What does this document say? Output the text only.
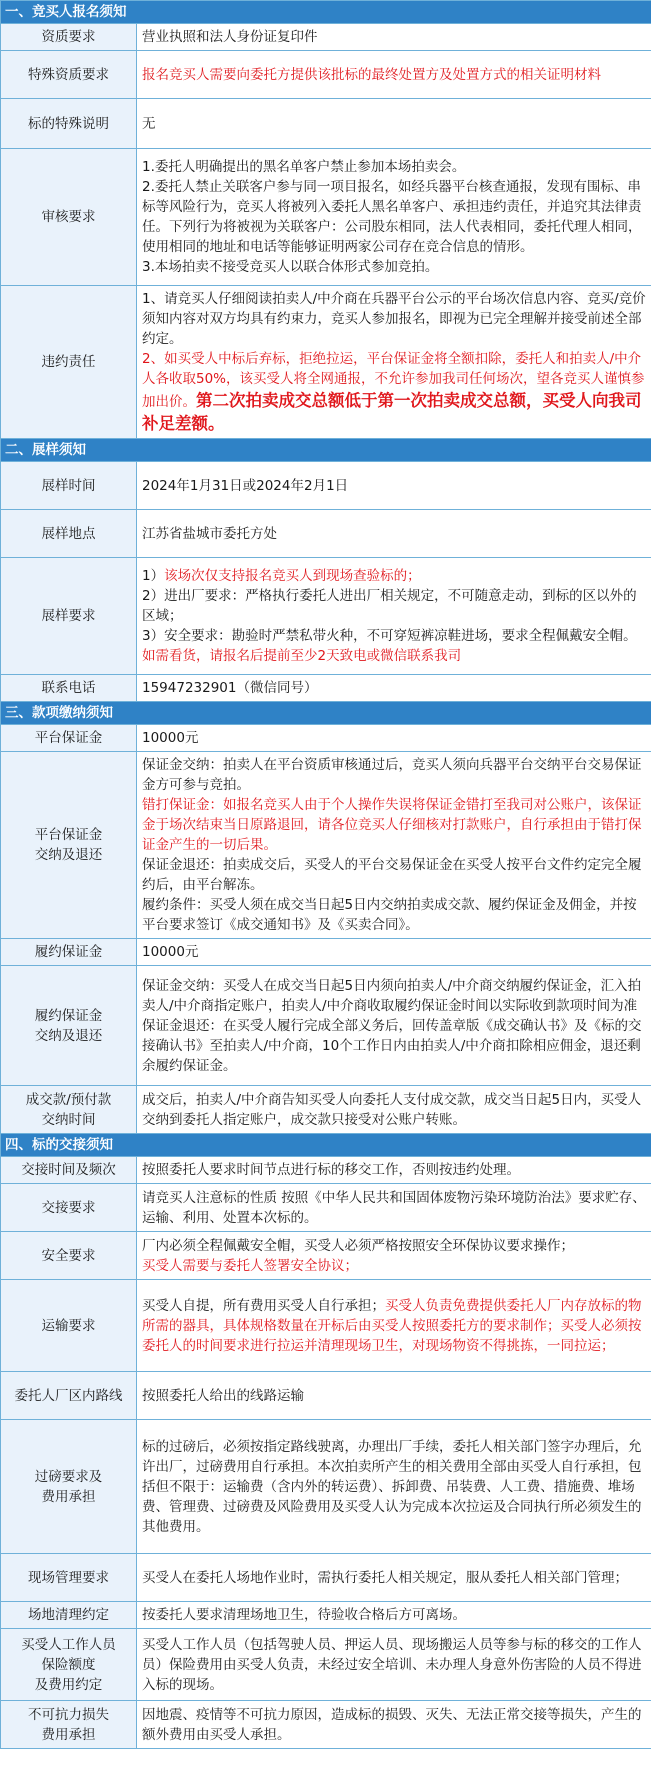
一、竞买人报名须知	
资质要求	营业执照和法人身份证复印件
特殊资质要求	报名竞买人需要向委托方提供该批标的最终处置方及处置方式的相关证明材料
标的特殊说明	无
审核要求	1.委托人明确提出的黑名单客户禁止参加本场拍卖会。
2.委托人禁止关联客户参与同一项目报名，如经兵器平台核查通报，发现有围标、串标等风险行为，竞买人将被列入委托人黑名单客户、承担违约责任，并追究其法律责任。下列行为将被视为关联客户：公司股东相同，法人代表相同，委托代理人相同，使用相同的地址和电话等能够证明两家公司存在竞合信息的情形。
3.本场拍卖不接受竞买人以联合体形式参加竞拍。

违约责任	1、请竞买人仔细阅读拍卖人/中介商在兵器平台公示的平台场次信息内容、竞买/竞价须知内容对双方均具有约束力，竞买人参加报名，即视为已完全理解并接受前述全部约定。
2、如买受人中标后弃标，拒绝拉运，平台保证金将全额扣除，委托人和拍卖人/中介人各收取50%，该买受人将全网通报，不允许参加我司任何场次，望各竞买人谨慎参加出价。第二次拍卖成交总额低于第一次拍卖成交总额，买受人向我司补足差额。
二、展样须知	
展样时间	2024年1月31日或2024年2月1日
展样地点	江苏省盐城市委托方处
展样要求	1）该场次仅支持报名竞买人到现场查验标的；
2）进出厂要求：严格执行委托人进出厂相关规定，不可随意走动，到标的区以外的区域；
3）安全要求：勘验时严禁私带火种，不可穿短裤凉鞋进场，要求全程佩戴安全帽。
如需看货，请报名后提前至少2天致电或微信联系我司

联系电话	15947232901（微信同号）
三、款项缴纳须知	
平台保证金	10000元
平台保证金
交纳及退还	保证金交纳：拍卖人在平台资质审核通过后，竞买人须向兵器平台交纳平台交易保证金方可参与竞拍。
错打保证金：如报名竞买人由于个人操作失误将保证金错打至我司对公账户，该保证金于场次结束当日原路退回，请各位竞买人仔细核对打款账户，自行承担由于错打保证金产生的一切后果。
保证金退还：拍卖成交后，买受人的平台交易保证金在买受人按平台文件约定完全履约后，由平台解冻。
履约条件：买受人须在成交当日起5日内交纳拍卖成交款、履约保证金及佣金，并按平台要求签订《成交通知书》及《买卖合同》。

履约保证金	10000元
履约保证金
交纳及退还	保证金交纳：买受人在成交当日起5日内须向拍卖人/中介商交纳履约保证金，汇入拍卖人/中介商指定账户，拍卖人/中介商收取履约保证金时间以实际收到款项时间为准
保证金退还：在买受人履行完成全部义务后，回传盖章版《成交确认书》及《标的交接确认书》至拍卖人/中介商，10个工作日内由拍卖人/中介商扣除相应佣金，退还剩余履约保证金。

成交款/预付款
交纳时间	成交后，拍卖人/中介商告知买受人向委托人支付成交款，成交当日起5日内，买受人交纳到委托人指定账户，成交款只接受对公账户转账。
四、标的交接须知	
交接时间及频次	按照委托人要求时间节点进行标的移交工作，否则按违约处理。
交接要求	请竞买人注意标的性质 按照《中华人民共和国固体废物污染环境防治法》要求贮存、运输、利用、处置本次标的。
安全要求	厂内必须全程佩戴安全帽，买受人必须严格按照安全环保协议要求操作；
买受人需要与委托人签署安全协议；

运输要求	买受人自提，所有费用买受人自行承担；买受人负责免费提供委托人厂内存放标的物所需的器具，具体规格数量在开标后由买受人按照委托方的要求制作；买受人必须按委托人的时间要求进行拉运并清理现场卫生，对现场物资不得挑拣，一同拉运；
委托人厂区内路线	按照委托人给出的线路运输
过磅要求及
费用承担	标的过磅后，必须按指定路线驶离，办理出厂手续，委托人相关部门签字办理后，允许出厂，过磅费用自行承担。本次拍卖所产生的相关费用全部由买受人自行承担，包括但不限于：运输费（含内外的转运费）、拆卸费、吊装费、人工费、措施费、堆场费、管理费、过磅费及风险费用及买受人认为完成本次拉运及合同执行所必须发生的其他费用。
现场管理要求	买受人在委托人场地作业时，需执行委托人相关规定，服从委托人相关部门管理；
场地清理约定	按委托人要求清理场地卫生，待验收合格后方可离场。
买受人工作人员
保险额度
及费用约定	买受人工作人员（包括驾驶人员、押运人员、现场搬运人员等参与标的移交的工作人员）保险费用由买受人负责，未经过安全培训、未办理人身意外伤害险的人员不得进入标的现场。
不可抗力损失
费用承担	因地震、疫情等不可抗力原因，造成标的损毁、灭失、无法正常交接等损失，产生的额外费用由买受人承担。
